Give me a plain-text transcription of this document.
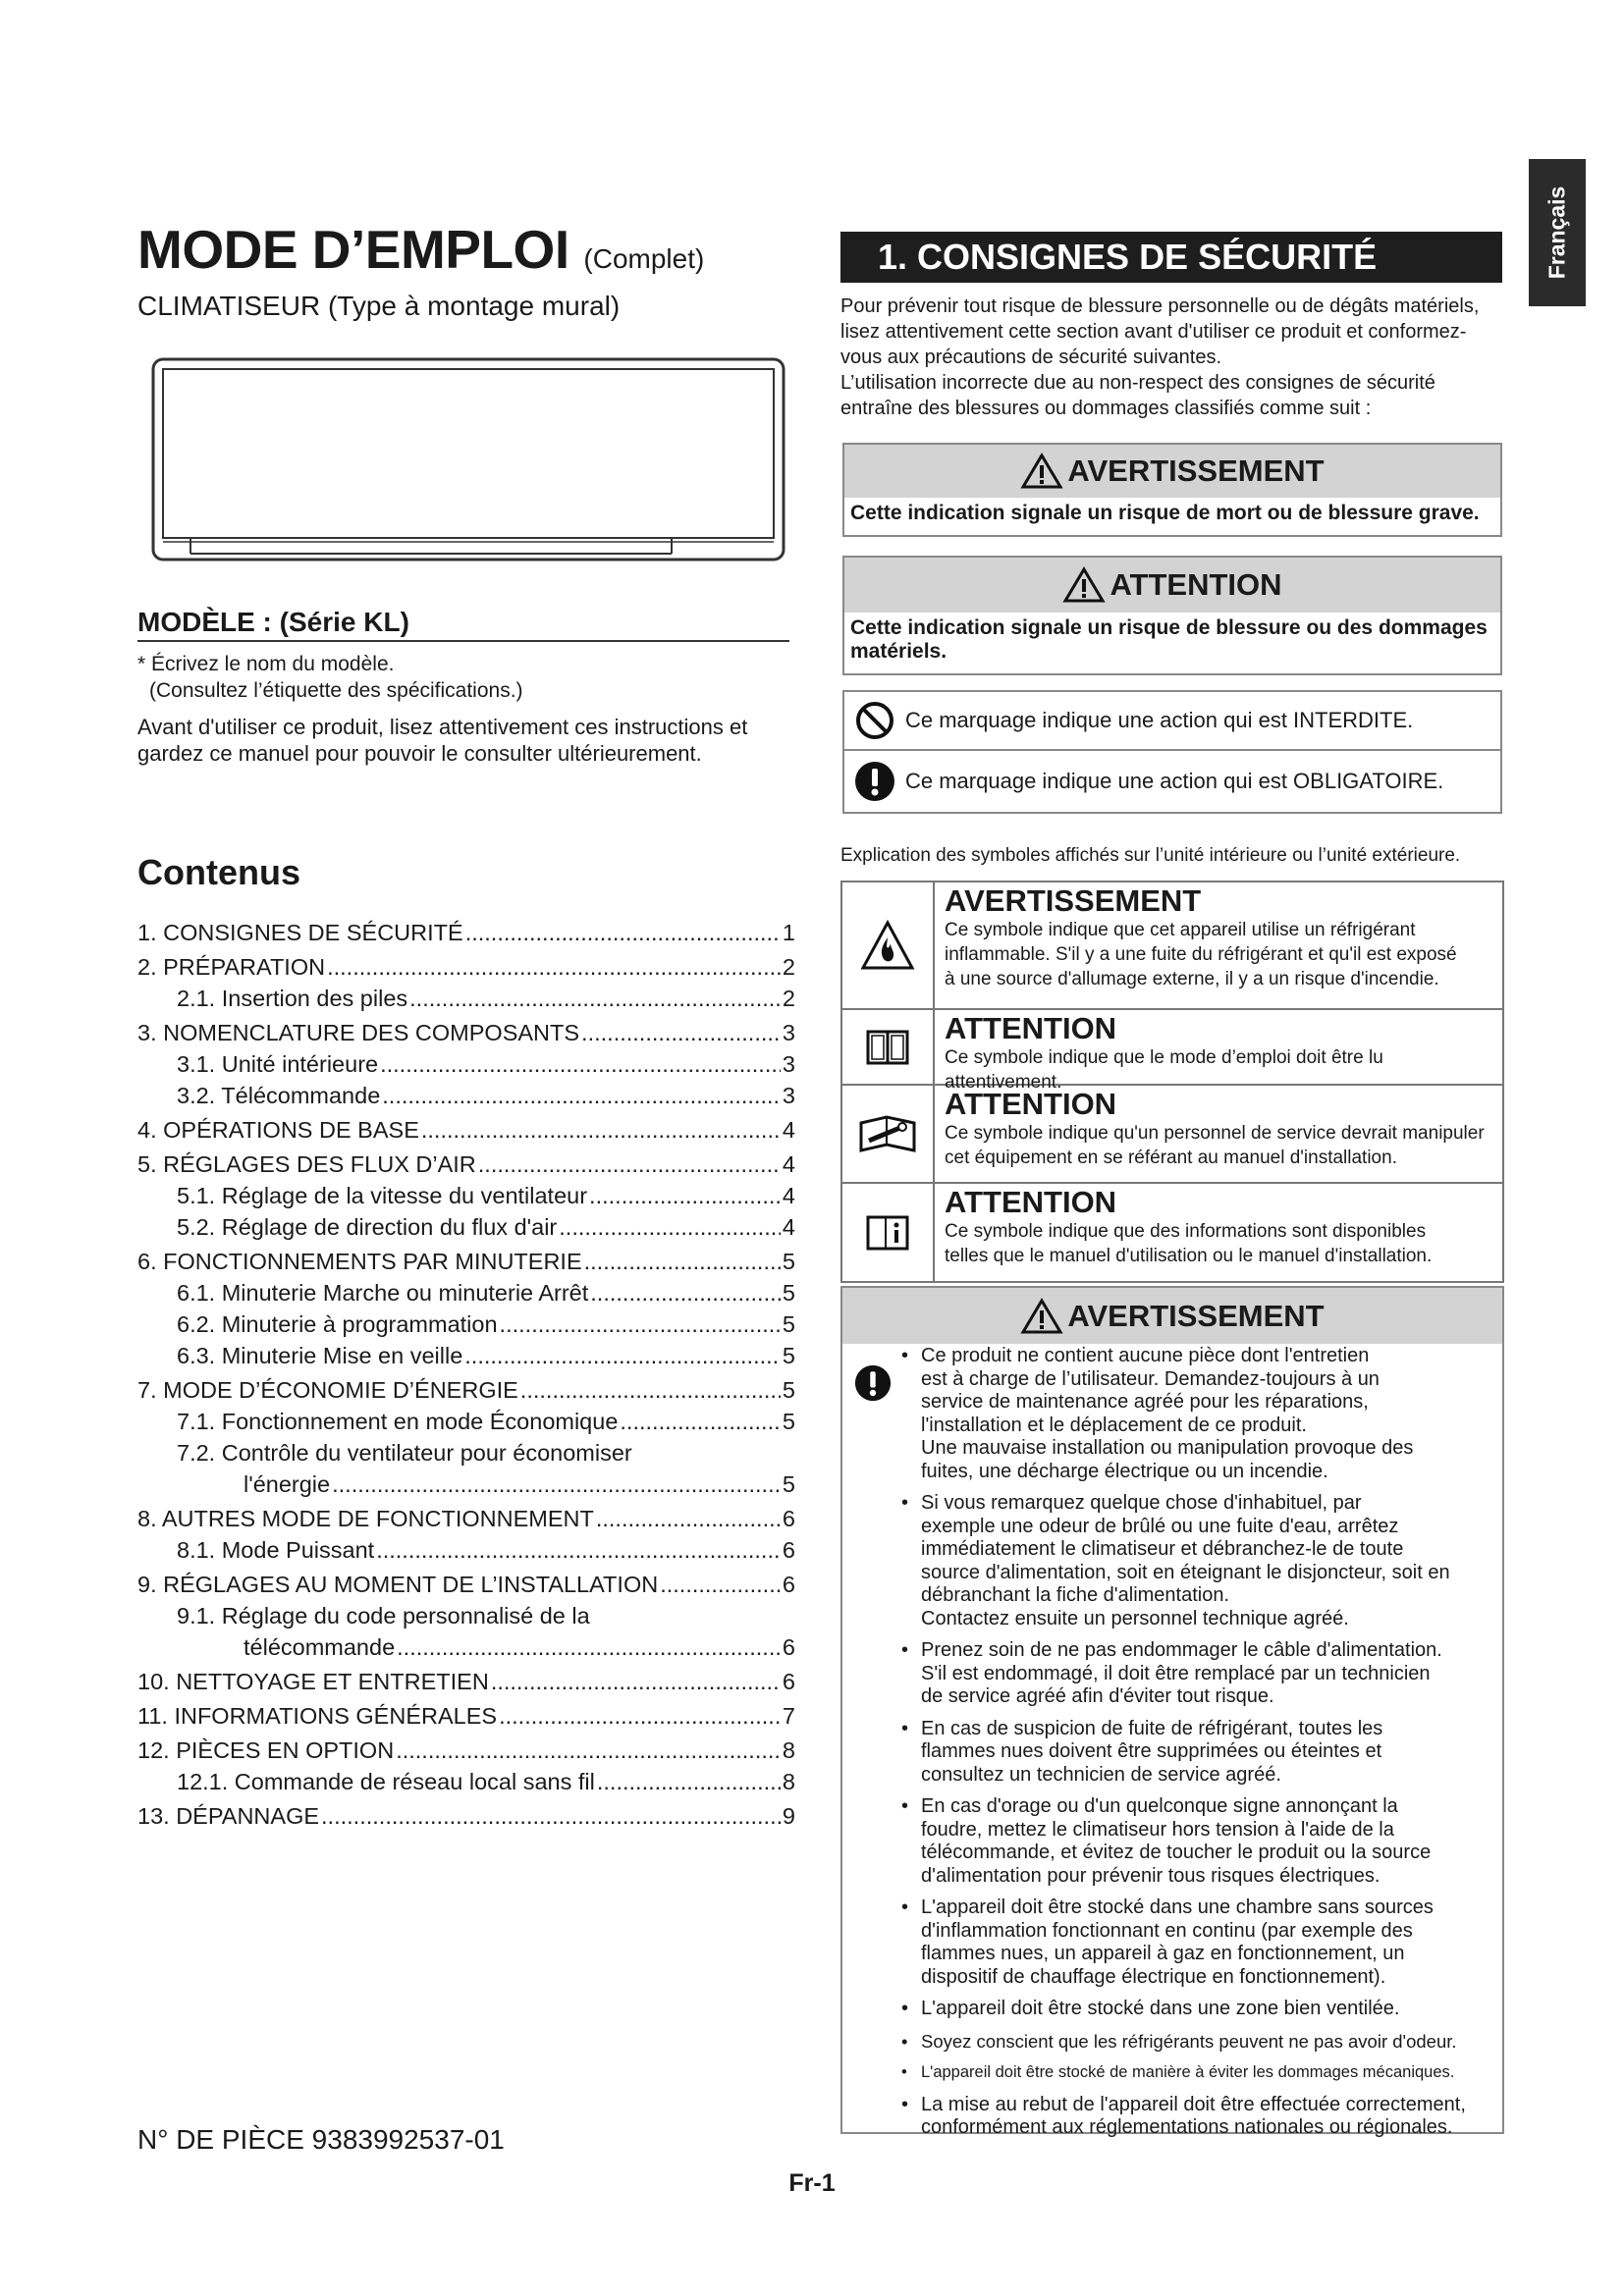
Français
MODE D’EMPLOI (Complet)
CLIMATISEUR (Type à montage mural)
MODÈLE : (Série KL)
* Écrivez le nom du modèle.
(Consultez l’étiquette des spécifications.)
Avant d'utiliser ce produit, lisez attentivement ces instructions et gardez ce manuel pour pouvoir le consulter ultérieurement.
Contenus
1. CONSIGNES DE SÉCURITÉ .....	1
2. PRÉPARATION .....	2
2.1. Insertion des piles .....	2
3. NOMENCLATURE DES COMPOSANTS .....	3
3.1. Unité intérieure .....	3
3.2. Télécommande .....	3
4. OPÉRATIONS DE BASE .....	4
5. RÉGLAGES DES FLUX D’AIR .....	4
5.1. Réglage de la vitesse du ventilateur .....	4
5.2. Réglage de direction du flux d'air .....	4
6. FONCTIONNEMENTS PAR MINUTERIE .....	5
6.1. Minuterie Marche ou minuterie Arrêt .....	5
6.2. Minuterie à programmation .....	5
6.3. Minuterie Mise en veille .....	5
7. MODE D’ÉCONOMIE D’ÉNERGIE .....	5
7.1. Fonctionnement en mode Économique .....	5
7.2. Contrôle du ventilateur pour économiser
l'énergie .....	5
8. AUTRES MODE DE FONCTIONNEMENT .....	6
8.1. Mode Puissant .....	6
9. RÉGLAGES AU MOMENT DE L’INSTALLATION .....	6
9.1. Réglage du code personnalisé de la
télécommande .....	6
10. NETTOYAGE ET ENTRETIEN .....	6
11. INFORMATIONS GÉNÉRALES .....	7
12. PIÈCES EN OPTION .....	8
12.1. Commande de réseau local sans fil .....	8
13. DÉPANNAGE .....	9
N° DE PIÈCE 9383992537-01
Fr-1
1. CONSIGNES DE SÉCURITÉ

Pour prévenir tout risque de blessure personnelle ou de dégâts matériels, lisez attentivement cette section avant d'utiliser ce produit et conformez-vous aux précautions de sécurité suivantes.

L’utilisation incorrecte due au non-respect des consignes de sécurité entraîne des blessures ou dommages classifiés comme suit :

AVERTISSEMENT
Cette indication signale un risque de mort ou de blessure grave.
ATTENTION
Cette indication signale un risque de blessure ou des dommages matériels.
Ce marquage indique une action qui est INTERDITE.
Ce marquage indique une action qui est OBLIGATOIRE.
Explication des symboles affichés sur l’unité intérieure ou l’unité extérieure.
AVERTISSEMENT
Ce symbole indique que cet appareil utilise un réfrigérant
inflammable. S'il y a une fuite du réfrigérant et qu'il est exposé
à une source d'allumage externe, il y a un risque d'incendie.
ATTENTION
Ce symbole indique que le mode d’emploi doit être lu attentivement.
ATTENTION
Ce symbole indique qu'un personnel de service devrait manipuler
cet équipement en se référant au manuel d'installation.
ATTENTION
Ce symbole indique que des informations sont disponibles
telles que le manuel d'utilisation ou le manuel d'installation.
AVERTISSEMENT
• Ce produit ne contient aucune pièce dont l'entretien
est à charge de l’utilisateur. Demandez-toujours à un
service de maintenance agréé pour les réparations,
l'installation et le déplacement de ce produit.
Une mauvaise installation ou manipulation provoque des
fuites, une décharge électrique ou un incendie.
• Si vous remarquez quelque chose d'inhabituel, par
exemple une odeur de brûlé ou une fuite d'eau, arrêtez
immédiatement le climatiseur et débranchez-le de toute
source d'alimentation, soit en éteignant le disjoncteur, soit en
débranchant la fiche d'alimentation.
Contactez ensuite un personnel technique agréé.
• Prenez soin de ne pas endommager le câble d'alimentation.
S'il est endommagé, il doit être remplacé par un technicien
de service agréé afin d'éviter tout risque.
• En cas de suspicion de fuite de réfrigérant, toutes les
flammes nues doivent être supprimées ou éteintes et
consultez un technicien de service agréé.
• En cas d'orage ou d'un quelconque signe annonçant la
foudre, mettez le climatiseur hors tension à l'aide de la
télécommande, et évitez de toucher le produit ou la source
d'alimentation pour prévenir tous risques électriques.
• L'appareil doit être stocké dans une chambre sans sources
d'inflammation fonctionnant en continu (par exemple des
flammes nues, un appareil à gaz en fonctionnement, un
dispositif de chauffage électrique en fonctionnement).
• L'appareil doit être stocké dans une zone bien ventilée.
• Soyez conscient que les réfrigérants peuvent ne pas avoir d'odeur.
• L'appareil doit être stocké de manière à éviter les dommages mécaniques.
• La mise au rebut de l'appareil doit être effectuée correctement,
conformément aux réglementations nationales ou régionales.
